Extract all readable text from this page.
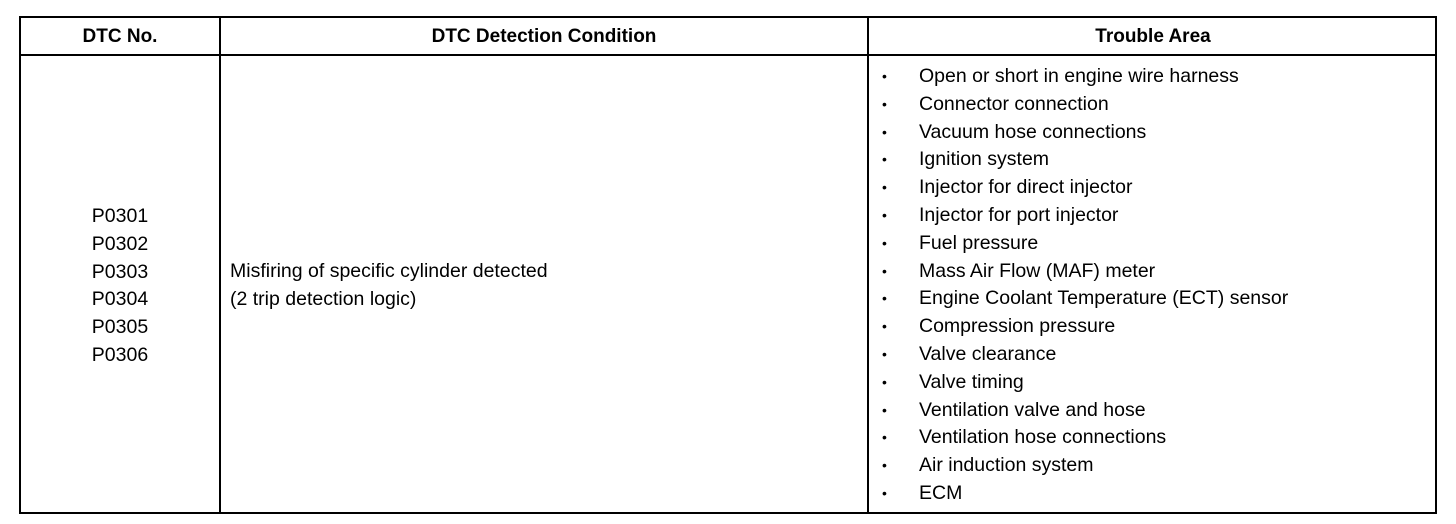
DTC No.	DTC Detection Condition	Trouble Area
P0301
P0302
P0303
P0304
P0305
P0306
Misfiring of specific cylinder detected
(2 trip detection logic)
• Open or short in engine wire harness
• Connector connection
• Vacuum hose connections
• Ignition system
• Injector for direct injector
• Injector for port injector
• Fuel pressure
• Mass Air Flow (MAF) meter
• Engine Coolant Temperature (ECT) sensor
• Compression pressure
• Valve clearance
• Valve timing
• Ventilation valve and hose
• Ventilation hose connections
• Air induction system
• ECM
